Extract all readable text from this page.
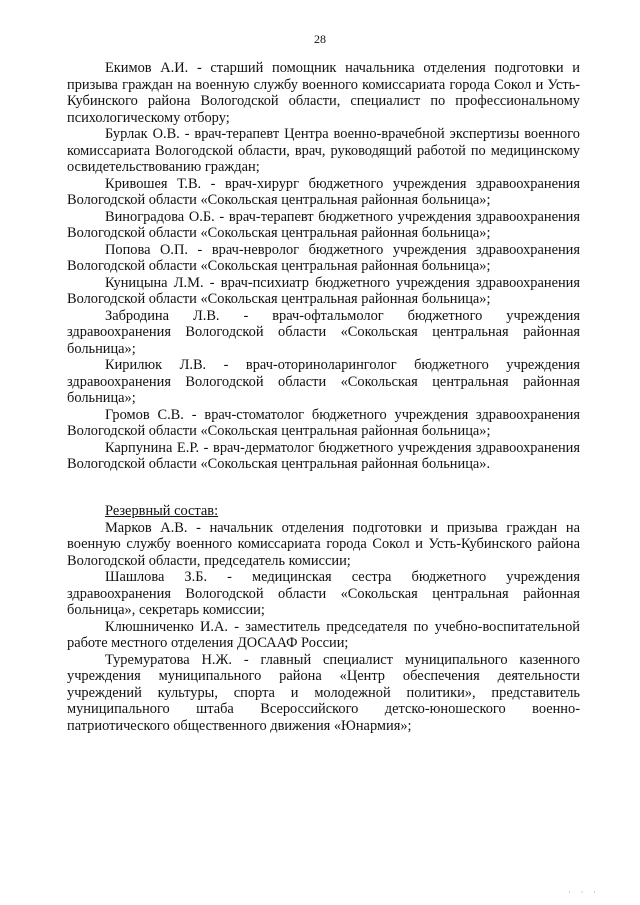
28

Екимов А.И. - старший помощник начальника отделения подготовки и призыва граждан на военную службу военного комиссариата города Сокол и Усть-Кубинского района Вологодской области, специалист по профессиональному психологическому отбору;

Бурлак О.В. - врач-терапевт Центра военно-врачебной экспертизы военного комиссариата Вологодской области, врач, руководящий работой по медицинскому освидетельствованию граждан;

Кривошея Т.В. - врач-хирург бюджетного учреждения здравоохранения Вологодской области «Сокольская центральная районная больница»;

Виноградова О.Б. - врач-терапевт бюджетного учреждения здравоохранения Вологодской области «Сокольская центральная районная больница»;

Попова О.П. - врач-невролог бюджетного учреждения здравоохранения Вологодской области «Сокольская центральная районная больница»;

Куницына Л.М. - врач-психиатр бюджетного учреждения здравоохранения Вологодской области «Сокольская центральная районная больница»;

Забродина Л.В. - врач-офтальмолог бюджетного учреждения здравоохранения Вологодской области «Сокольская центральная районная больница»;

Кирилюк Л.В. - врач-оториноларинголог бюджетного учреждения здравоохранения Вологодской области «Сокольская центральная районная больница»;

Громов С.В. - врач-стоматолог бюджетного учреждения здравоохранения Вологодской области «Сокольская центральная районная больница»;

Карпунина Е.Р. - врач-дерматолог бюджетного учреждения здравоохранения Вологодской области «Сокольская центральная районная больница».

Резервный состав:

Марков А.В. - начальник отделения подготовки и призыва граждан на военную службу военного комиссариата города Сокол и Усть-Кубинского района Вологодской области, председатель комиссии;

Шашлова З.Б. - медицинская сестра бюджетного учреждения здравоохранения Вологодской области «Сокольская центральная районная больница», секретарь комиссии;

Клюшниченко И.А. - заместитель председателя по учебно-воспитательной работе местного отделения ДОСААФ России;

Туремуратова Н.Ж. - главный специалист муниципального казенного учреждения муниципального района «Центр обеспечения деятельности учреждений культуры, спорта и молодежной политики», представитель муниципального штаба Всероссийского детско-юношеского военно-патриотического общественного движения «Юнармия»;

· · ·
